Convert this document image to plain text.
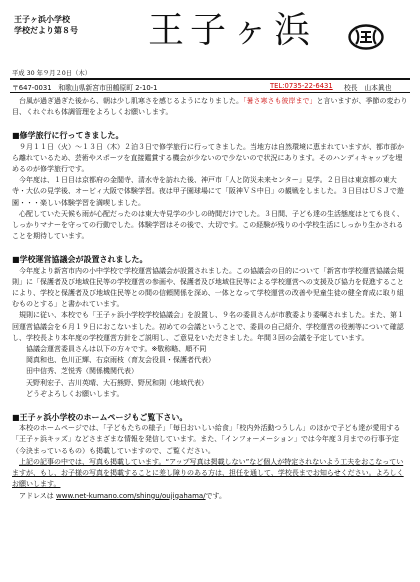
王子ヶ浜小学校
学校だより第８号	王子ヶ浜
平成 30 年９月２0日（木）
〒647-0031　和歌山県新宮市田鶴原町 2-10-1	TEL:0735-22-6431 校長　山本眞也

台風が過ぎ過ぎた後から、朝は少し肌寒さを感じるようになりました。「暑さ寒さも彼岸まで」と言いますが、季節の変わり目、くれぐれも体調管理をよろしくお願いします。

■修学旅行に行ってきました。

９月１１日（火）～１３日（木）２泊３日で修学旅行に行ってきました。当地方は自然環境に恵まれていますが、都市部から離れているため、芸術やスポーツを直接鑑賞する機会が少ないので少ないので状況にあります。そのハンディキャップを埋めるのが修学旅行です。

今年度は、１日目は京都府の金閣寺、清水寺を訪れた後、神戸市「人と防災未来センター」見学。２日目は東京都の東大寺・大仏の見学後、オービィ大阪で体験学習。夜は甲子園球場にて「阪神ＶＳ中日」の観戦をしました。３日目はＵＳＪで遊園・・・楽しい体験学習を満喫しました。

心配していた天候も雨が心配だったのは東大寺見学の少しの時間だけでした。３日間、子ども達の生活態度はとても良く、しっかりマナーを守っての行動でした。体験学習はその後で、大切です。この経験が残りの小学校生活にしっかり生かされることを期待しています。

■学校運営協議会が設置されました。

今年度より新宮市内の小中学校で学校運営協議会が設置されました。この協議会の目的について「新宮市学校運営協議会規則」に「保護者及び地域住民等の学校運営の参画や、保護者及び地域住民等による学校運営への支援及び協力を促進することにより、学校と保護者及び地域住民等との間の信頼関係を深め、一体となって学校運営の改善や児童生徒の健全育成に取り組むものとする」と書かれています。

規則に従い、本校でも「王子ヶ浜小学校学校協議会」を設置し、９名の委員さんが市教委より委嘱されました。また、第１回運営協議会を６月１９日におこないました。初めての会議ということで、委員の自己紹介、学校運営の役割等について確認し、学校長より本年度の学校運営方針をご説明し、ご意見をいただきました。年間３回の会議を予定しています。

協議会運営委員さんは以下の方々です。※敬称略、順不同

岡真和也、色川正輝、右京雨枝（育友会役員・保護者代表）

田中信秀、芝悦秀（関係機関代表）

天野利宏子、吉川英晴、大石熊野、野尻和則（地域代表）

どうぞよろしくお願いします。

■王子ヶ浜小学校のホームページもご覧下さい。

本校のホームページでは、「子どもたちの様子」「毎日おいしい給食」「校内外活動つうしん」のほかで子ども達が愛用する「王子ヶ浜キッズ」などさまざまな情報を発信しています。また、「インフォーメーション」では今年度３月までの行事予定（今決まっているもの）も掲載していますので、ご覧ください。

上記の記事の中では、写真も掲載しています。“アップ写真は掲載しない”など個人が特定されないよう工夫をおこなっていますが、もし、お子様の写真を掲載することに差し障りのある方は、担任を通して、学校長までお知らせください。よろしくお願いします。

アドレスは www.net-kumano.com/shingu/oujigahama/です。
